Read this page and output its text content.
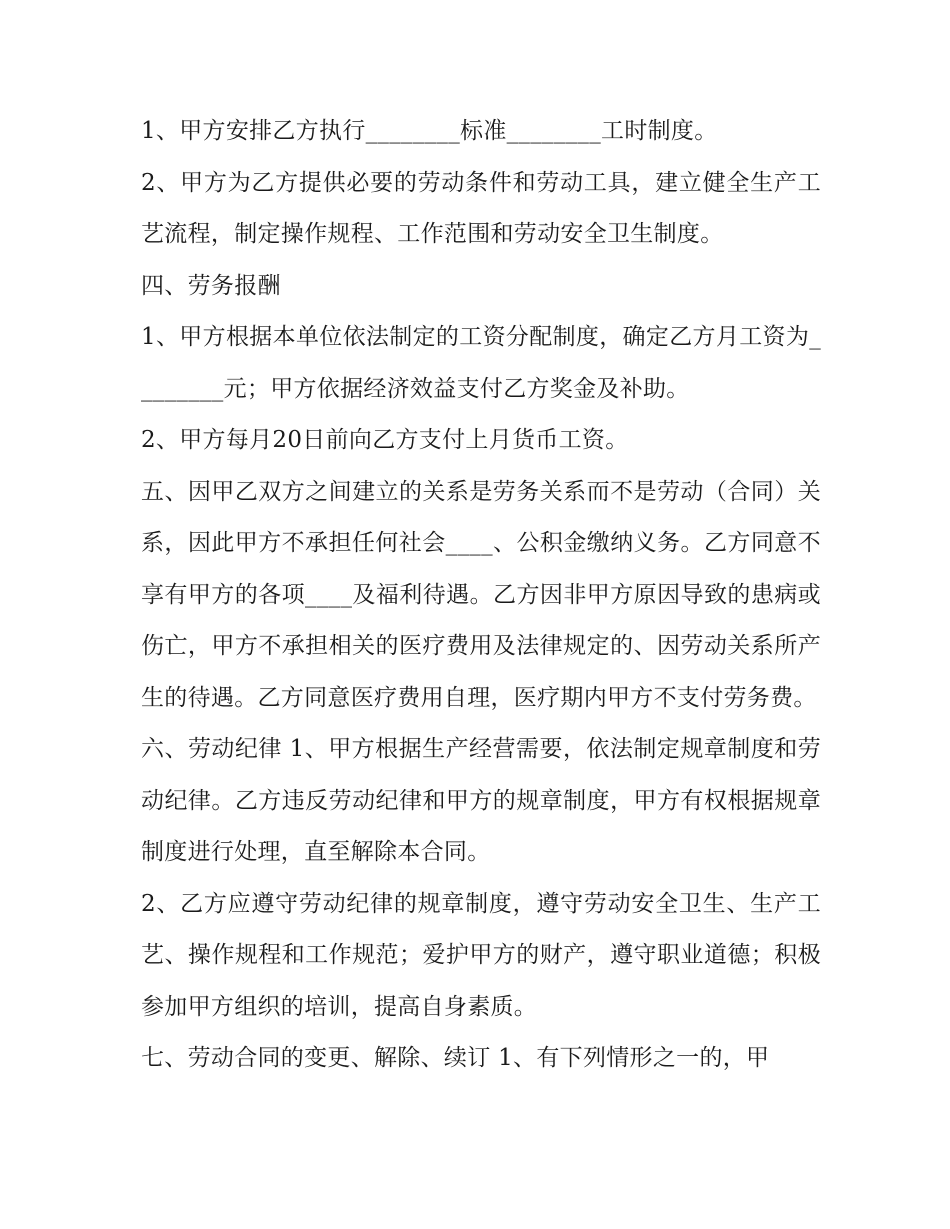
1、甲方安排乙方执行________标准________工时制度。

2、甲方为乙方提供必要的劳动条件和劳动工具，建立健全生产工艺流程，制定操作规程、工作范围和劳动安全卫生制度。

四、劳务报酬

1、甲方根据本单位依法制定的工资分配制度，确定乙方月工资为________元；甲方依据经济效益支付乙方奖金及补助。

2、甲方每月20日前向乙方支付上月货币工资。

五、因甲乙双方之间建立的关系是劳务关系而不是劳动（合同）关系，因此甲方不承担任何社会____、公积金缴纳义务。乙方同意不享有甲方的各项____及福利待遇。乙方因非甲方原因导致的患病或伤亡，甲方不承担相关的医疗费用及法律规定的、因劳动关系所产生的待遇。乙方同意医疗费用自理，医疗期内甲方不支付劳务费。

六、劳动纪律 1、甲方根据生产经营需要，依法制定规章制度和劳动纪律。乙方违反劳动纪律和甲方的规章制度，甲方有权根据规章制度进行处理，直至解除本合同。

2、乙方应遵守劳动纪律的规章制度，遵守劳动安全卫生、生产工艺、操作规程和工作规范；爱护甲方的财产，遵守职业道德；积极参加甲方组织的培训，提高自身素质。

七、劳动合同的变更、解除、续订 1、有下列情形之一的，甲
